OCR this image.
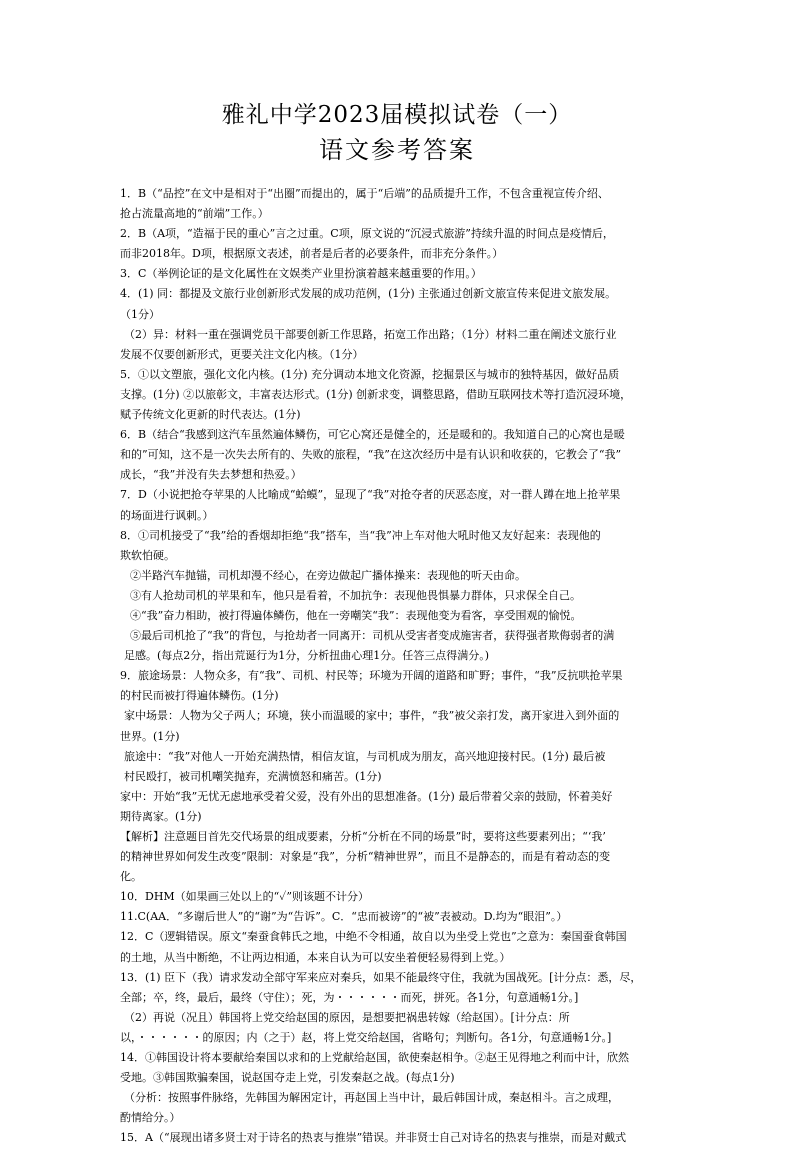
雅礼中学2023届模拟试卷（一）
语文参考答案
1．B（“品控”在文中是相对于“出圈”而提出的，属于“后端”的品质提升工作，不包含重视宣传介绍、
抢占流量高地的“前端”工作。）
2．B（A项，“造福于民的重心”言之过重。C项，原文说的“沉浸式旅游”持续升温的时间点是疫情后，
而非2018年。D项，根据原文表述，前者是后者的必要条件，而非充分条件。）
3．C（举例论证的是文化属性在文娱类产业里扮演着越来越重要的作用。）
4．(1) 同：都提及文旅行业创新形式发展的成功范例，(1分) 主张通过创新文旅宣传来促进文旅发展。
（1分）
（2）异：材料一重在强调党员干部要创新工作思路，拓宽工作出路；（1分）材料二重在阐述文旅行业
发展不仅要创新形式，更要关注文化内核。（1分）
5．①以文塑旅，强化文化内核。(1分) 充分调动本地文化资源，挖掘景区与城市的独特基因，做好品质
支撑。(1分) ②以旅彰文，丰富表达形式。(1分) 创新求变，调整思路，借助互联网技术等打造沉浸环境，
赋予传统文化更新的时代表达。(1分)
6．B（结合“我感到这汽车虽然遍体鳞伤，可它心窝还是健全的，还是暖和的。我知道自己的心窝也是暖
和的”可知，这不是一次失去所有的、失败的旅程，“我”在这次经历中是有认识和收获的，它教会了“我”
成长，“我”并没有失去梦想和热爱。）
7．D（小说把抢夺苹果的人比喻成“蛤蟆”，显现了“我”对抢夺者的厌恶态度，对一群人蹲在地上抢苹果
的场面进行讽刺。）
8．①司机接受了“我”给的香烟却拒绝“我”搭车，当“我”冲上车对他大吼时他又友好起来：表现他的
欺软怕硬。
②半路汽车抛锚，司机却漫不经心，在旁边做起广播体操来：表现他的听天由命。
③有人抢劫司机的苹果和车，他只是看着，不加抗争：表现他畏惧暴力群体，只求保全自己。
④“我”奋力相助，被打得遍体鳞伤，他在一旁嘲笑“我”：表现他变为看客，享受围观的愉悦。
⑤最后司机抢了“我”的背包，与抢劫者一同离开：司机从受害者变成施害者，获得强者欺侮弱者的满
足感。(每点2分，指出荒诞行为1分，分析扭曲心理1分。任答三点得满分。)
9．旅途场景：人物众多，有“我”、司机、村民等；环境为开阔的道路和旷野；事件，“我”反抗哄抢苹果
的村民而被打得遍体鳞伤。(1分)
家中场景：人物为父子两人；环境，狭小而温暖的家中；事件，“我”被父亲打发，离开家进入到外面的
世界。(1分)
旅途中：“我”对他人一开始充满热情，相信友谊，与司机成为朋友，高兴地迎接村民。(1分) 最后被
村民殴打，被司机嘲笑抛弃，充满愤怒和痛苦。(1分)
家中：开始“我”无忧无虑地承受着父爱，没有外出的思想准备。(1分) 最后带着父亲的鼓励，怀着美好
期待离家。(1分)
【解析】注意题目首先交代场景的组成要素，分析“分析在不同的场景”时，要将这些要素列出；“‘我’
的精神世界如何发生改变”限制：对象是“我”，分析“精神世界”，而且不是静态的，而是有着动态的变
化。
10．DHM（如果画三处以上的“✓”则该题不计分）
11.C(AA．“多谢后世人”的“谢”为“告诉”。C．“忠而被谤”的“被”表被动。D.均为“眼泪”。）
12．C（逻辑错误。原文“秦蚕食韩氏之地，中绝不令相通，故自以为坐受上党也”之意为：秦国蚕食韩国
的土地，从当中断绝，不让两边相通，本来自认为可以安坐着便轻易得到上党。）
13．(1) 臣下（我）请求发动全部守军来应对秦兵，如果不能最终守住，我就为国战死。[计分点：悉，尽，
全部；卒，终，最后，最终（守住）；死，为・・・・・・而死，拼死。各1分，句意通畅1分。]
（2）再说（况且）韩国将上党交给赵国的原因，是想要把祸患转嫁（给赵国）。[计分点：所
以，・・・・・・的原因；内（之于）赵，将上党交给赵国，省略句；判断句。各1分，句意通畅1分。]
14．①韩国设计将本要献给秦国以求和的上党献给赵国，欲使秦赵相争。②赵王见得地之利而中计，欣然
受地。③韩国欺骗秦国，说赵国夺走上党，引发秦赵之战。(每点1分)
（分析：按照事件脉络，先韩国为解困定计，再赵国上当中计，最后韩国计成，秦赵相斗。言之成理，
酌情给分。）
15．A（“展现出诸多贤士对于诗名的热衷与推崇”错误。并非贤士自己对诗名的热衷与推崇，而是对戴式
